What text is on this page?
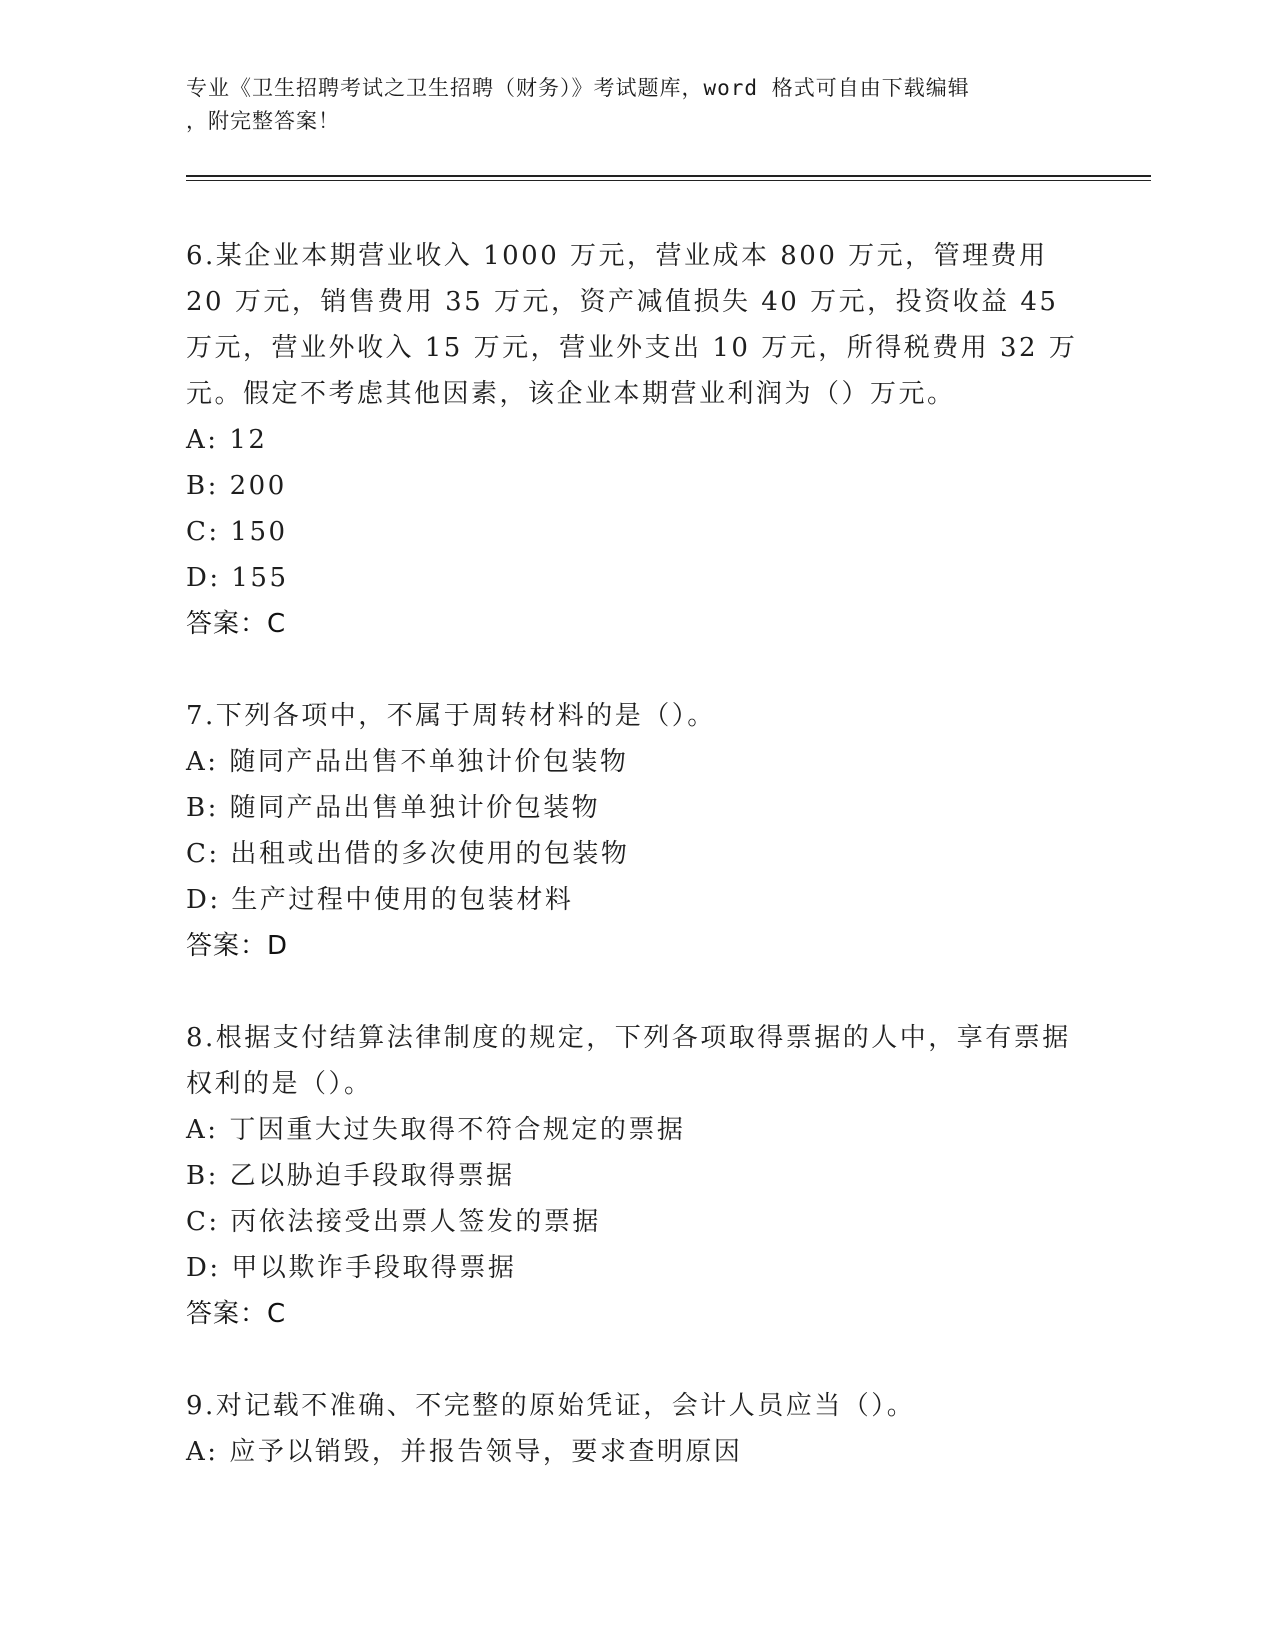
专业《卫生招聘考试之卫生招聘（财务）》考试题库，word 格式可自由下载编辑
，附完整答案！
6.某企业本期营业收入 1000 万元，营业成本 800 万元，管理费用 20 万元，销售费用 35 万元，资产减值损失 40 万元，投资收益 45 万元，营业外收入 15 万元，营业外支出 10 万元，所得税费用 32 万元。假定不考虑其他因素，该企业本期营业利润为（）万元。
A: 12
B: 200
C: 150
D: 155
答案：C
7.下列各项中，不属于周转材料的是（）。
A: 随同产品出售不单独计价包装物
B: 随同产品出售单独计价包装物
C: 出租或出借的多次使用的包装物
D: 生产过程中使用的包装材料
答案：D
8.根据支付结算法律制度的规定，下列各项取得票据的人中，享有票据权利的是（）。
A: 丁因重大过失取得不符合规定的票据
B: 乙以胁迫手段取得票据
C: 丙依法接受出票人签发的票据
D: 甲以欺诈手段取得票据
答案：C
9.对记载不准确、不完整的原始凭证，会计人员应当（）。
A: 应予以销毁，并报告领导，要求查明原因
